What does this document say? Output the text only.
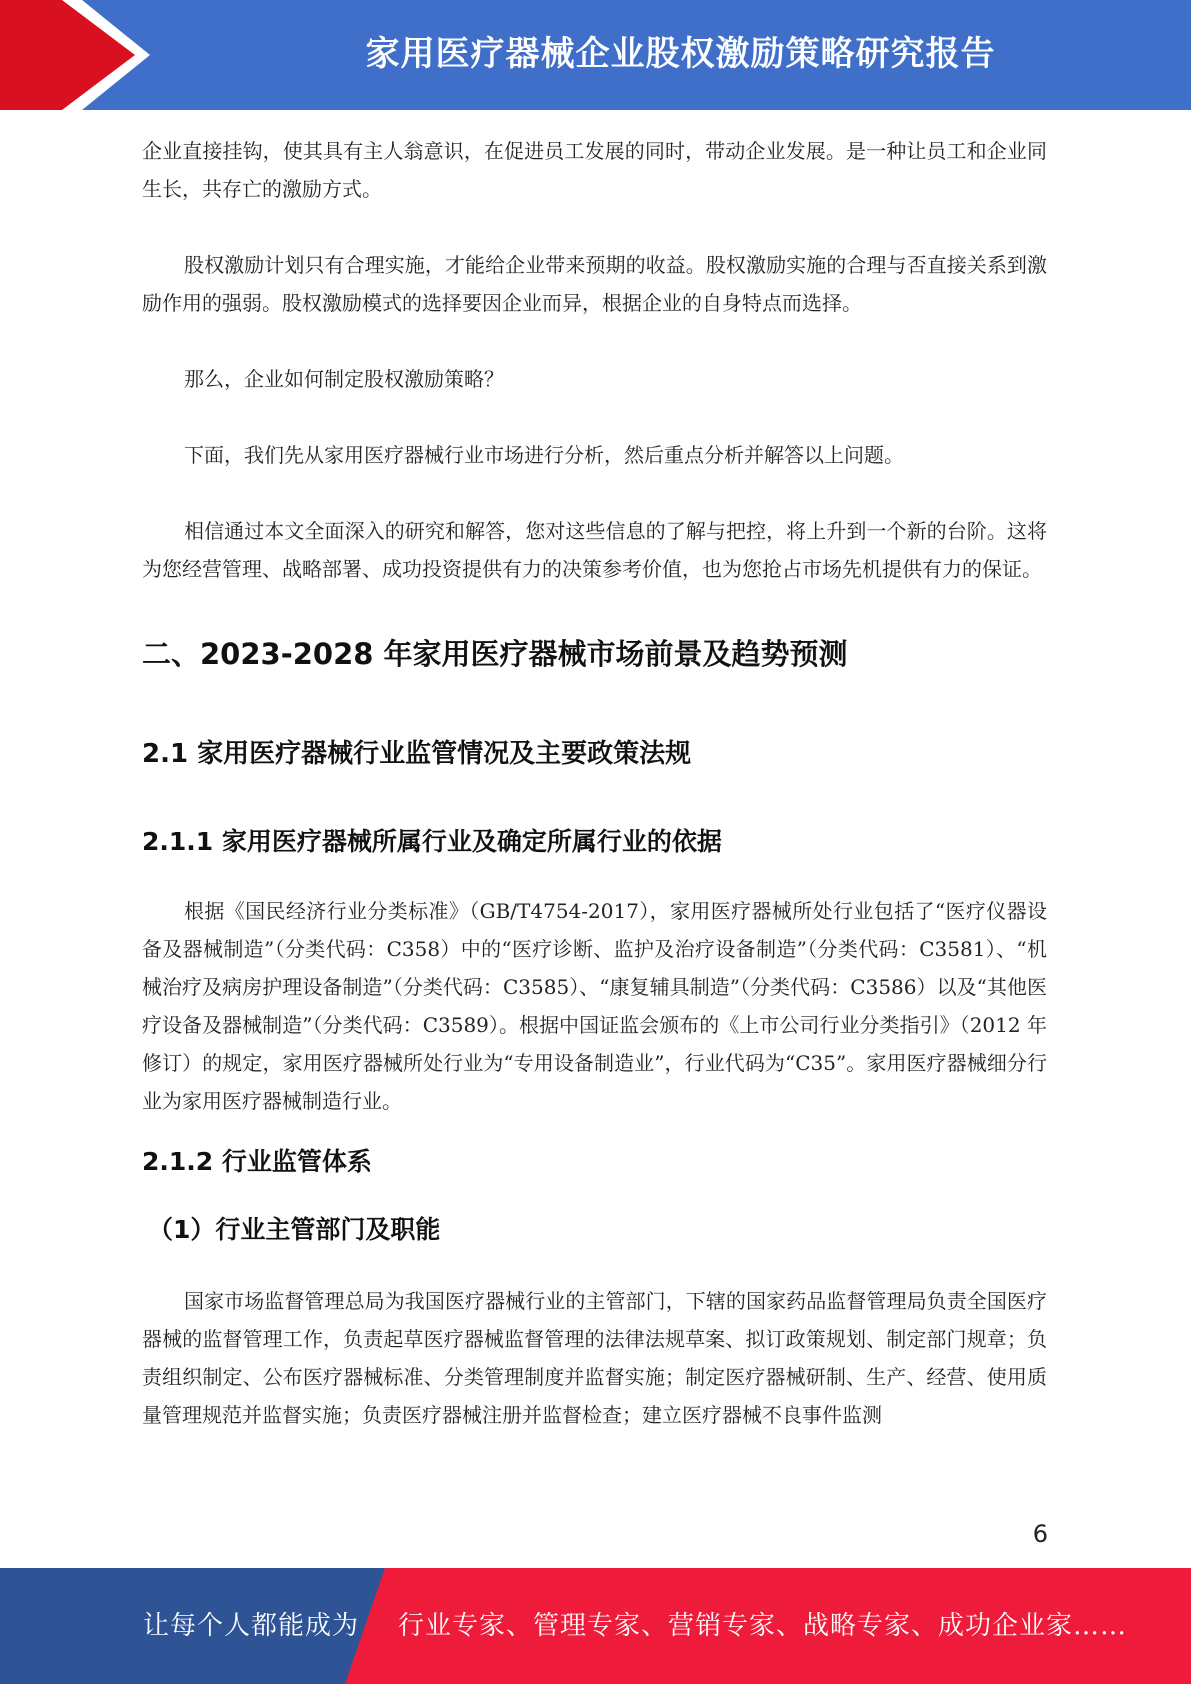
家用医疗器械企业股权激励策略研究报告

企业直接挂钩，使其具有主人翁意识，在促进员工发展的同时，带动企业发展。是一种让员工和企业同生长，共存亡的激励方式。

股权激励计划只有合理实施，才能给企业带来预期的收益。股权激励实施的合理与否直接关系到激励作用的强弱。股权激励模式的选择要因企业而异，根据企业的自身特点而选择。

那么，企业如何制定股权激励策略？

下面，我们先从家用医疗器械行业市场进行分析，然后重点分析并解答以上问题。

相信通过本文全面深入的研究和解答，您对这些信息的了解与把控，将上升到一个新的台阶。这将为您经营管理、战略部署、成功投资提供有力的决策参考价值，也为您抢占市场先机提供有力的保证。

二、2023-2028 年家用医疗器械市场前景及趋势预测
2.1 家用医疗器械行业监管情况及主要政策法规
2.1.1 家用医疗器械所属行业及确定所属行业的依据

根据《国民经济行业分类标准》（GB/T4754-2017），家用医疗器械所处行业包括了“医疗仪器设备及器械制造”（分类代码：C358）中的“医疗诊断、监护及治疗设备制造”（分类代码：C3581）、“机械治疗及病房护理设备制造”（分类代码：C3585）、“康复辅具制造”（分类代码：C3586）以及“其他医疗设备及器械制造”（分类代码：C3589）。根据中国证监会颁布的《上市公司行业分类指引》（2012 年修订）的规定，家用医疗器械所处行业为“专用设备制造业”，行业代码为“C35”。家用医疗器械细分行业为家用医疗器械制造行业。

2.1.2 行业监管体系
（1）行业主管部门及职能

国家市场监督管理总局为我国医疗器械行业的主管部门，下辖的国家药品监督管理局负责全国医疗器械的监督管理工作，负责起草医疗器械监督管理的法律法规草案、拟订政策规划、制定部门规章；负责组织制定、公布医疗器械标准、分类管理制度并监督实施；制定医疗器械研制、生产、经营、使用质量管理规范并监督实施；负责医疗器械注册并监督检查；建立医疗器械不良事件监测

6
让每个人都能成为 行业专家、管理专家、营销专家、战略专家、成功企业家……
